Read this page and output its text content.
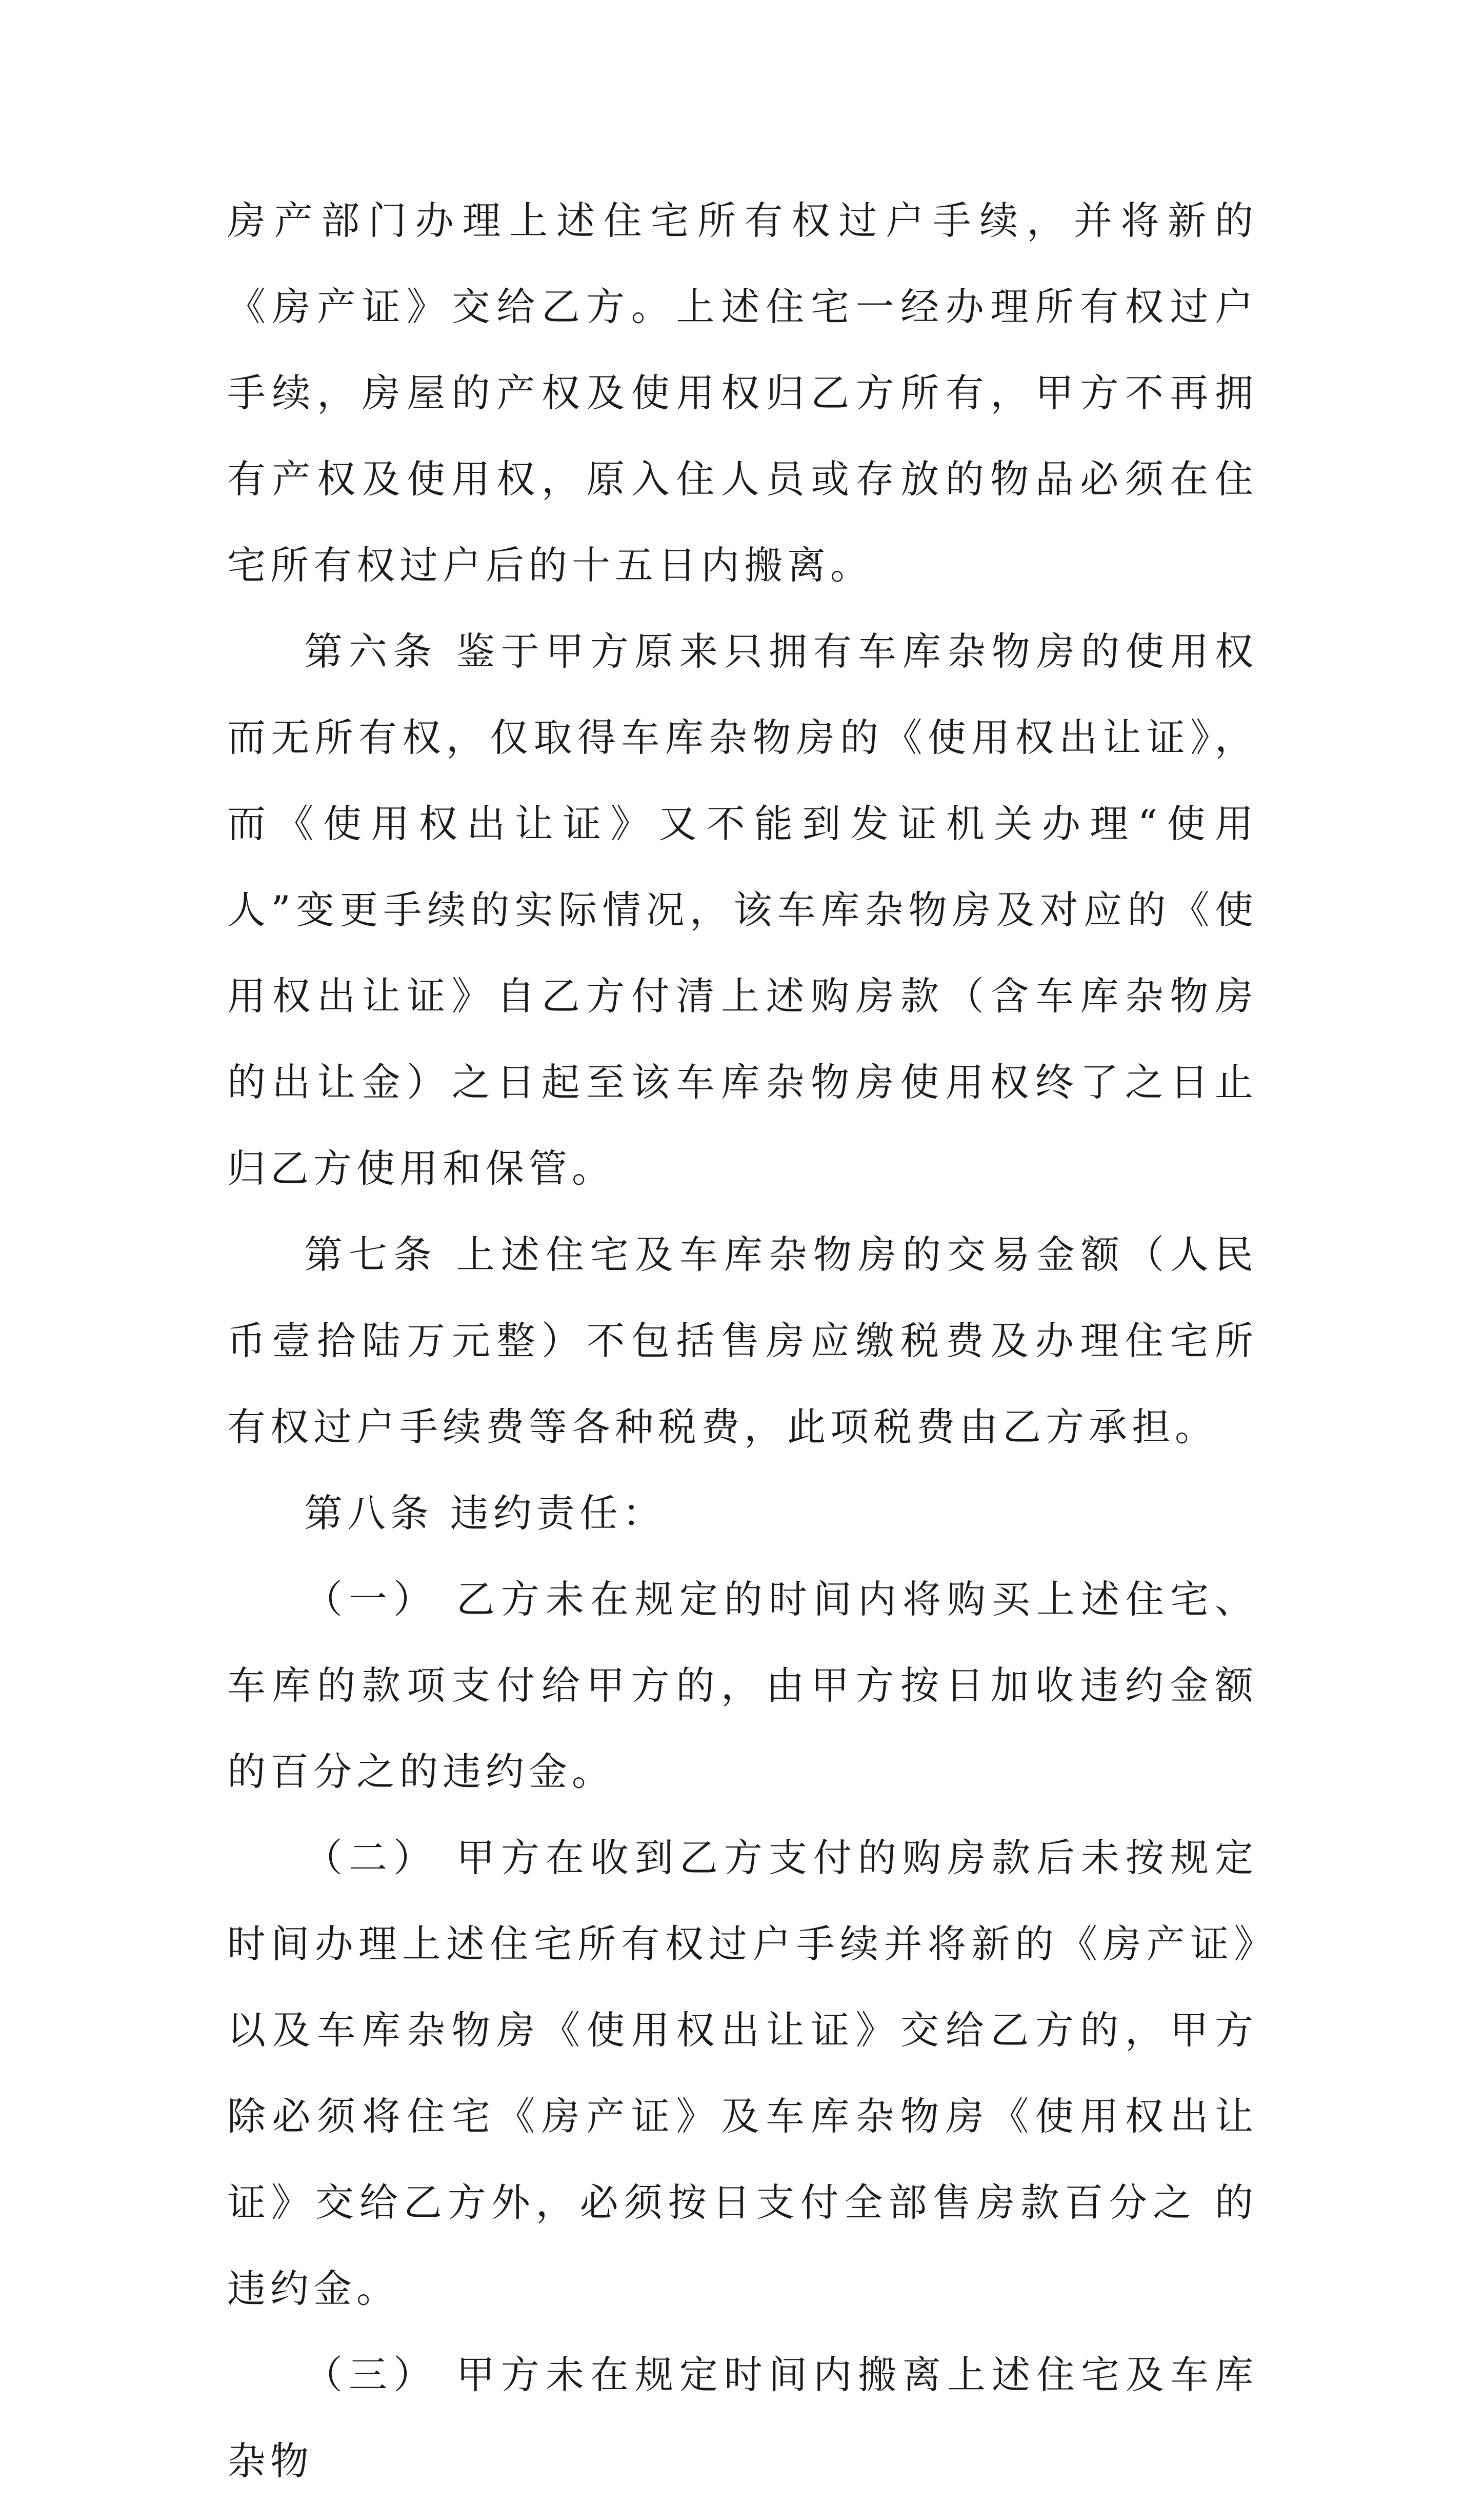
房产部门办理上述住宅所有权过户手续，并将新的《房产证》交给乙方。上述住宅一经办理所有权过户手续，房屋的产权及使用权归乙方所有，甲方不再拥有产权及使用权，原入住人员或存放的物品必须在住宅所有权过户后的十五日内搬离。

第六条 鉴于甲方原来只拥有车库杂物房的使用权而无所有权，仅取得车库杂物房的《使用权出让证》，而《使用权出让证》又不能到发证机关办理“使用人”变更手续的实际情况，该车库杂物房及对应的《使用权出让证》自乙方付清上述购房款（含车库杂物房的出让金）之日起至该车库杂物房使用权终了之日止归乙方使用和保管。

第七条 上述住宅及车库杂物房的交易金额（人民币壹拾陆万元整）不包括售房应缴税费及办理住宅所有权过户手续费等各种税费，此项税费由乙方承担。

第八条 违约责任：

（一） 乙方未在规定的时间内将购买上述住宅、车库的款项支付给甲方的，由甲方按日加收违约金额的百分之的违约金。

（二） 甲方在收到乙方支付的购房款后未按规定时间办理上述住宅所有权过户手续并将新的《房产证》以及车库杂物房《使用权出让证》交给乙方的，甲方除必须将住宅《房产证》及车库杂物房《使用权出让证》交给乙方外，必须按日支付全部售房款百分之 的违约金。

（三） 甲方未在规定时间内搬离上述住宅及车库杂物
